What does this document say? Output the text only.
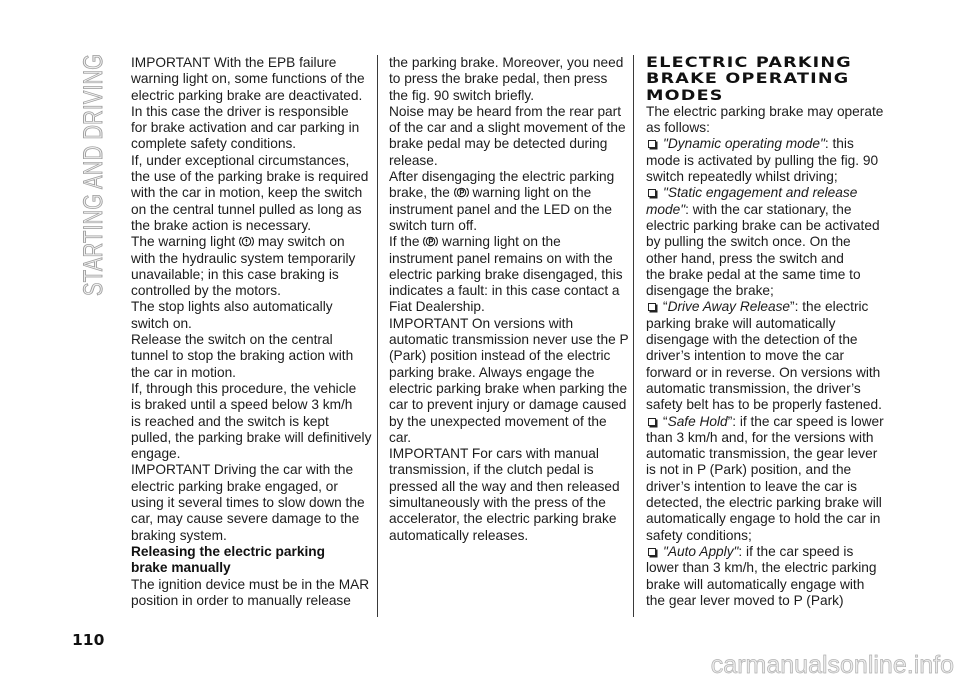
STARTING AND DRIVING IMPORTANT With the EPB failure
warning light on, some functions of the
electric parking brake are deactivated.
In this case the driver is responsible
for brake activation and car parking in
complete safety conditions.
If, under exceptional circumstances,
the use of the parking brake is required
with the car in motion, keep the switch
on the central tunnel pulled as long as
the brake action is necessary.
The warning light
may switch on
with the hydraulic system temporarily
unavailable; in this case braking is
controlled by the motors.
The stop lights also automatically
switch on.
Release the switch on the central
tunnel to stop the braking action with
the car in motion.
If, through this procedure, the vehicle
is braked until a speed below 3 km/h
is reached and the switch is kept
pulled, the parking brake will definitively
engage.
IMPORTANT Driving the car with the
electric parking brake engaged, or
using it several times to slow down the
car, may cause severe damage to the
braking system.
Releasing the electric parking
brake manually
The ignition device must be in the MAR
position in order to manually release
the parking brake. Moreover, you need
to press the brake pedal, then press
the fig. 90 switch briefly.
Noise may be heard from the rear part
of the car and a slight movement of the
brake pedal may be detected during
release.
After disengaging the electric parking
brake, the
warning light on the
instrument panel and the LED on the
switch turn off.
If the
warning light on the
instrument panel remains on with the
electric parking brake disengaged, this
indicates a fault: in this case contact a
Fiat Dealership.
IMPORTANT On versions with
automatic transmission never use the P
(Park) position instead of the electric
parking brake. Always engage the
electric parking brake when parking the
car to prevent injury or damage caused
by the unexpected movement of the
car.
IMPORTANT For cars with manual
transmission, if the clutch pedal is
pressed all the way and then released
simultaneously with the press of the
accelerator, the electric parking brake
automatically releases.
ELECTRIC PARKING
BRAKE OPERATING
MODES
The electric parking brake may operate
as follows:
"Dynamic operating mode": this
mode is activated by pulling the fig. 90
switch repeatedly whilst driving;
"Static engagement and release
mode": with the car stationary, the
electric parking brake can be activated
by pulling the switch once. On the
other hand, press the switch and
the brake pedal at the same time to
disengage the brake;
“Drive Away Release”: the electric
parking brake will automatically
disengage with the detection of the
driver’s intention to move the car
forward or in reverse. On versions with
automatic transmission, the driver’s
safety belt has to be properly fastened.
“Safe Hold”: if the car speed is lower
than 3 km/h and, for the versions with
automatic transmission, the gear lever
is not in P (Park) position, and the
driver’s intention to leave the car is
detected, the electric parking brake will
automatically engage to hold the car in
safety conditions;
"Auto Apply": if the car speed is
lower than 3 km/h, the electric parking
brake will automatically engage with
the gear lever moved to P (Park)
110
carmanualsonline.info
